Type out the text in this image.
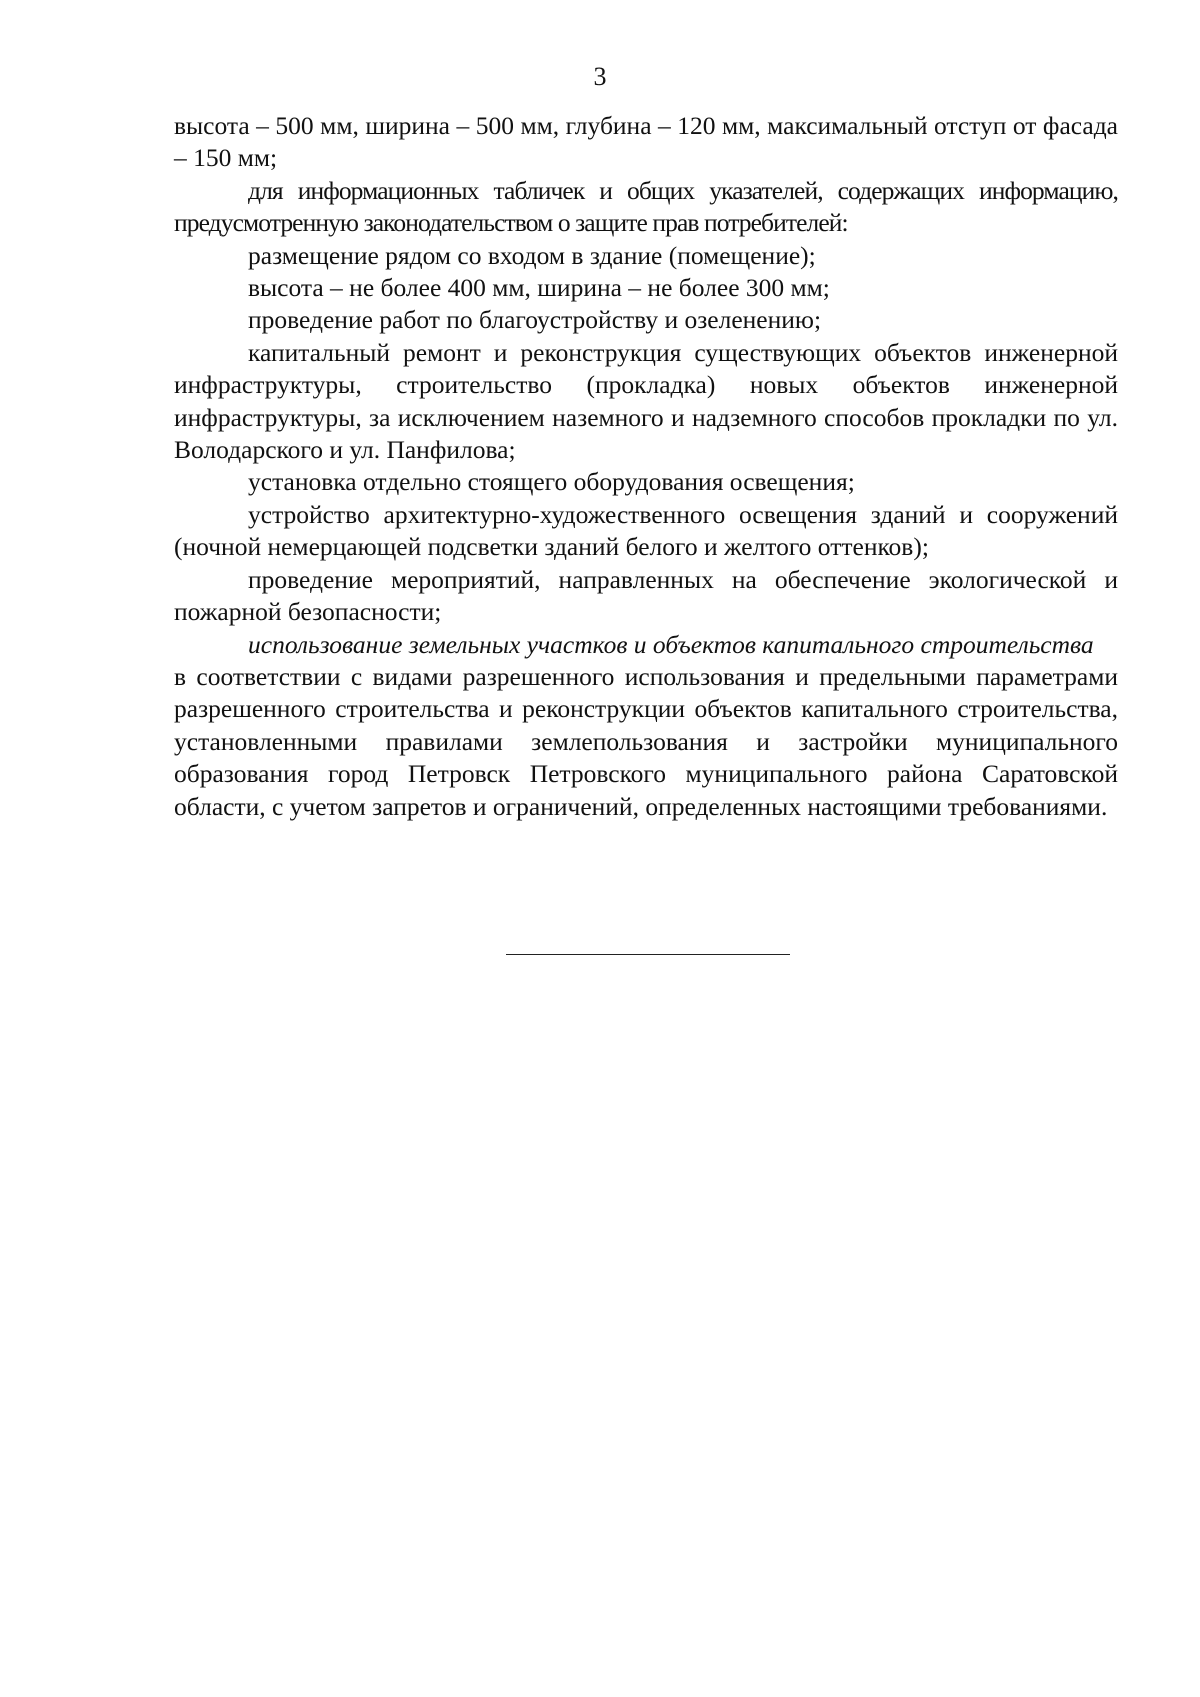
3

высота – 500 мм, ширина – 500 мм, глубина – 120 мм, максимальный отступ от фасада – 150 мм;

для информационных табличек и общих указателей, содержащих информацию, предусмотренную законодательством о защите прав потребителей:

размещение рядом со входом в здание (помещение);

высота – не более 400 мм, ширина – не более 300 мм;

проведение работ по благоустройству и озеленению;

капитальный ремонт и реконструкция существующих объектов инженерной инфраструктуры, строительство (прокладка) новых объектов инженерной инфраструктуры, за исключением наземного и надземного способов прокладки по ул. Володарского и ул. Панфилова;

установка отдельно стоящего оборудования освещения;

устройство архитектурно-художественного освещения зданий и сооружений (ночной немерцающей подсветки зданий белого и желтого оттенков);

проведение мероприятий, направленных на обеспечение экологической и пожарной безопасности;

использование земельных участков и объектов капитального строительства

в соответствии с видами разрешенного использования и предельными параметрами разрешенного строительства и реконструкции объектов капитального строительства, установленными правилами землепользования и застройки муниципального образования город Петровск Петровского муниципального района Саратовской области, с учетом запретов и ограничений, определенных настоящими требованиями.
